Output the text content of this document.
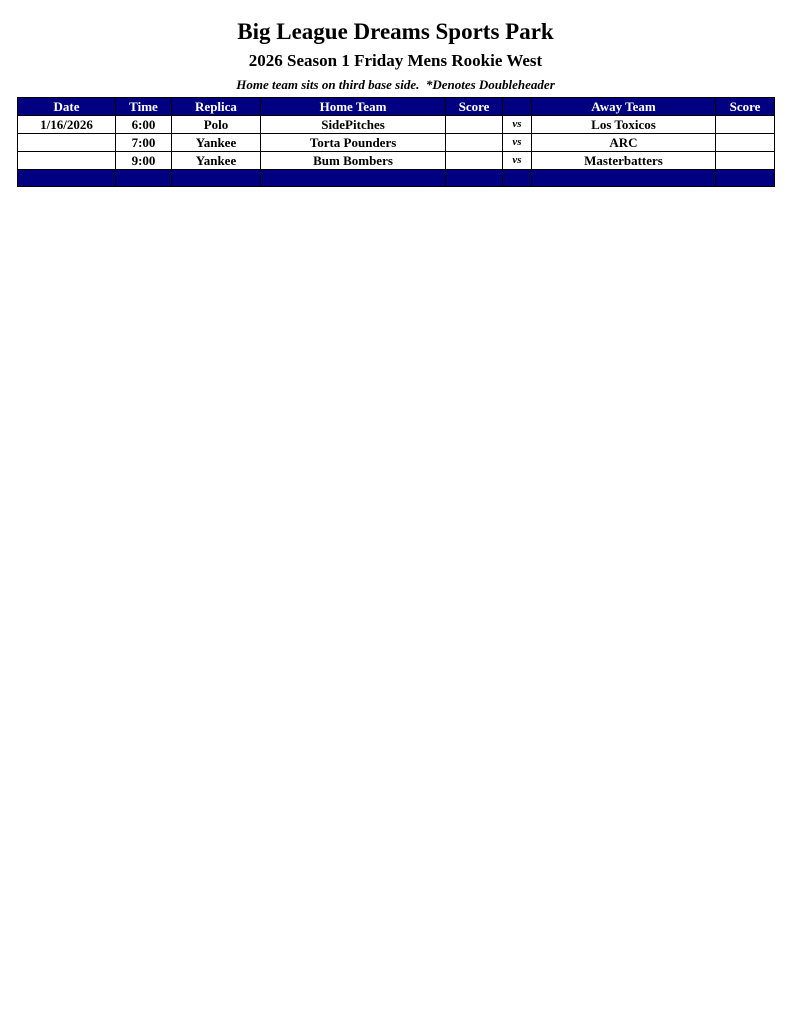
Big League Dreams Sports Park
2026 Season 1 Friday Mens Rookie West
Home team sits on third base side.  *Denotes Doubleheader
Date	Time	Replica	Home Team	Score		Away Team	Score
1/16/2026	6:00	Polo	SidePitches		vs	Los Toxicos	
	7:00	Yankee	Torta Pounders		vs	ARC	
	9:00	Yankee	Bum Bombers		vs	Masterbatters	
